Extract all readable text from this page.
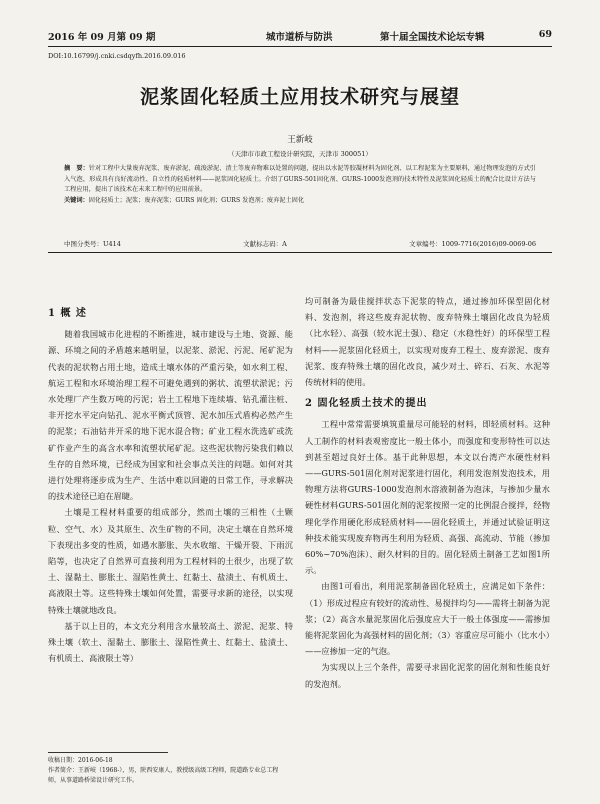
2016 年 09 月第 09 期	城市道桥与防洪	第十届全国技术论坛专辑	69
DOI:10.16799/j.cnki.csdqyfh.2016.09.016
泥浆固化轻质土应用技术研究与展望
王新岐
（天津市市政工程设计研究院，天津市 300051）
摘　要：针对工程中大量废弃泥浆、废弃淤泥、疏浚淤泥、渣土等废弃物难以处置的问题，提出以水泥等胶凝材料为固化剂、以工程泥浆为主要原料，通过物理发泡的方式引入气泡，形成具有良好流动性、自立性的轻质材料——泥浆固化轻质土。介绍了GURS-501固化剂、GURS-1000发泡剂的技术特性及泥浆固化轻质土的配合比设计方法与工程应用，提出了该技术在未来工程中的应用前景。
关键词：固化轻质土；泥浆；废弃泥浆；GURS 固化剂；GURS 发泡剂；废弃泥土固化
中图分类号：U414	文献标志码：A	文章编号：1009-7716(2016)09-0069-06
1 概 述

随着我国城市化进程的不断推进，城市建设与土地、资源、能源、环境之间的矛盾越来越明显，以泥浆、淤泥、污泥、尾矿泥为代表的泥状物占用土地，造成土壤水体的严重污染，如水利工程、航运工程和水环境治理工程不可避免遇到的粥状、流塑状淤泥；污水处理厂产生数万吨的污泥；岩土工程地下连续墙、钻孔灌注桩、非开挖水平定向钻孔、泥水平衡式顶管、泥水加压式盾构必然产生的泥浆；石油钻井开采的地下泥水混合物；矿业工程水洗选矿或洗矿作业产生的高含水率和流塑状尾矿泥。这些泥状物污染我们赖以生存的自然环境，已经成为国家和社会事点关注的问题。如何对其进行处理将逐步成为生产、生活中难以回避的日常工作，寻求解决的技术途径已迫在眉睫。

土壤是工程材料重要的组成部分，然而土壤的三相性（土颗粒、空气、水）及其原生、次生矿物的不同，决定土壤在自然环境下表现出多变的性质，如遇水膨胀、失水收缩、干燥开裂、下雨沉陷等，也决定了自然界可直接利用为工程材料的土很少，出现了软土、湿黏土、膨胀土、湿陷性黄土、红黏土、盐渍土、有机质土、高液限土等。这些特殊土壤如何处置，需要寻求新的途径，以实现特殊土壤就地改良。

基于以上目的，本文充分利用含水量较高土、淤泥、泥浆、特殊土壤（软土、湿黏土、膨胀土、湿陷性黄土、红黏土、盐渍土、有机质土、高液限土等）

均可制备为最佳搅拌状态下泥浆的特点，通过掺加环保型固化材料、发泡剂，将这些废弃泥状物、废弃特殊土壤固化改良为轻质（比水轻）、高强（较水泥土强）、稳定（水稳性好）的环保型工程材料——泥浆固化轻质土，以实现对废弃工程土、废弃淤泥、废弃泥浆、废弃特殊土壤的固化改良，减少对土、碎石、石灰、水泥等传统材料的使用。

2 固化轻质土技术的提出

工程中常常需要填筑重量尽可能轻的材料，即轻质材料。这种人工制作的材料表观密度比一般土体小，而强度和变形特性可以达到甚至超过良好土体。基于此种思想，本文以台湾产水硬性材料——GURS-501固化剂对泥浆进行固化，利用发泡剂发泡技术，用物理方法将GURS-1000发泡剂水溶液制备为泡沫，与掺加少量水硬性材料GURS-501固化剂的泥浆按照一定的比例混合搅拌，经物理化学作用硬化形成轻质材料——固化轻质土，并通过试验证明这种技术能实现废弃物再生利用为轻质、高强、高流动、节能（掺加60%~70%泡沫）、耐久材料的目的。固化轻质土制备工艺如图1所示。

由图1可看出，利用泥浆制备固化轻质土，应满足如下条件：（1）形成过程应有较好的流动性、易搅拌均匀——需将土制备为泥浆；（2）高含水量泥浆固化后强度应大于一般土体强度——需掺加能将泥浆固化为高强材料的固化剂；（3）容重应尽可能小（比水小）——应掺加一定的气泡。

为实现以上三个条件，需要寻求固化泥浆的固化剂和性能良好的发泡剂。

收稿日期：2016-06-18
作者简介：王新岐（1968-），男，陕西安康人，教授级高级工程师，院道路专业总工程师，从事道路桥梁设计研究工作。
